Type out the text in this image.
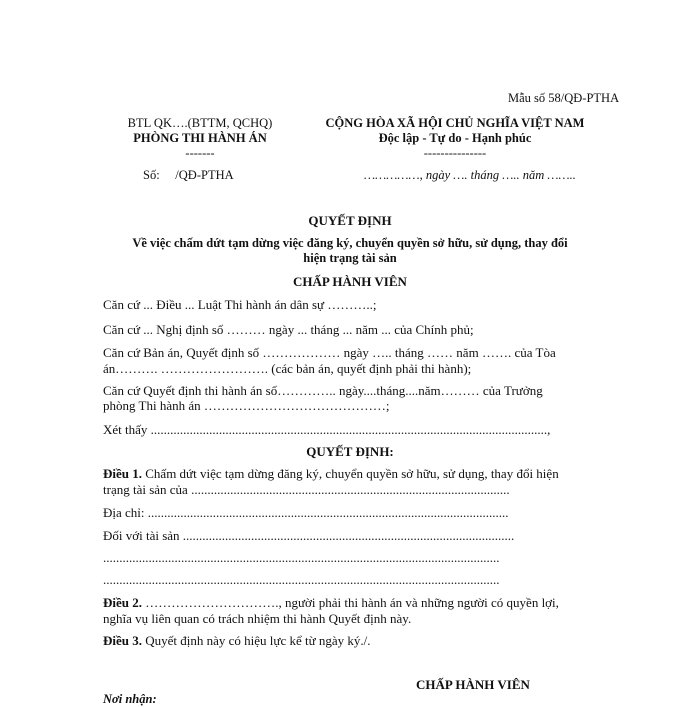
Mẫu số 58/QĐ-PTHA
BTL QK….(BTTM, QCHQ)
PHÒNG THI HÀNH ÁN
-------
Số:     /QĐ-PTHA
CỘNG HÒA XÃ HỘI CHỦ NGHĨA VIỆT NAM
Độc lập - Tự do - Hạnh phúc
---------------
……………, ngày …. tháng ….. năm ……..
QUYẾT ĐỊNH
Về việc chấm dứt tạm dừng việc đăng ký, chuyển quyền sở hữu, sử dụng, thay đổi
hiện trạng tài sản
CHẤP HÀNH VIÊN
Căn cứ ... Điều ... Luật Thi hành án dân sự ………..;
Căn cứ ... Nghị định số ……… ngày ... tháng ... năm ... của Chính phủ;
Căn cứ Bản án, Quyết định số ……………… ngày ….. tháng …… năm ……. của Tòa
án………. ……………………. (các bản án, quyết định phải thi hành);
Căn cứ Quyết định thi hành án số………….. ngày....tháng....năm……… của Trưởng
phòng Thi hành án ……………………………………;
Xét thấy ..........................................................................................................................,
QUYẾT ĐỊNH:
Điều 1. Chấm dứt việc tạm dừng đăng ký, chuyển quyền sở hữu, sử dụng, thay đổi hiện
trạng tài sản của ..................................................................................................
Địa chỉ: ...............................................................................................................
Đối với tài sản ......................................................................................................
..........................................................................................................................
..........................................................................................................................
Điều 2. …………………………., người phải thi hành án và những người có quyền lợi,
nghĩa vụ liên quan có trách nhiệm thi hành Quyết định này.
Điều 3. Quyết định này có hiệu lực kể từ ngày ký./.
CHẤP HÀNH VIÊN
Nơi nhận:
